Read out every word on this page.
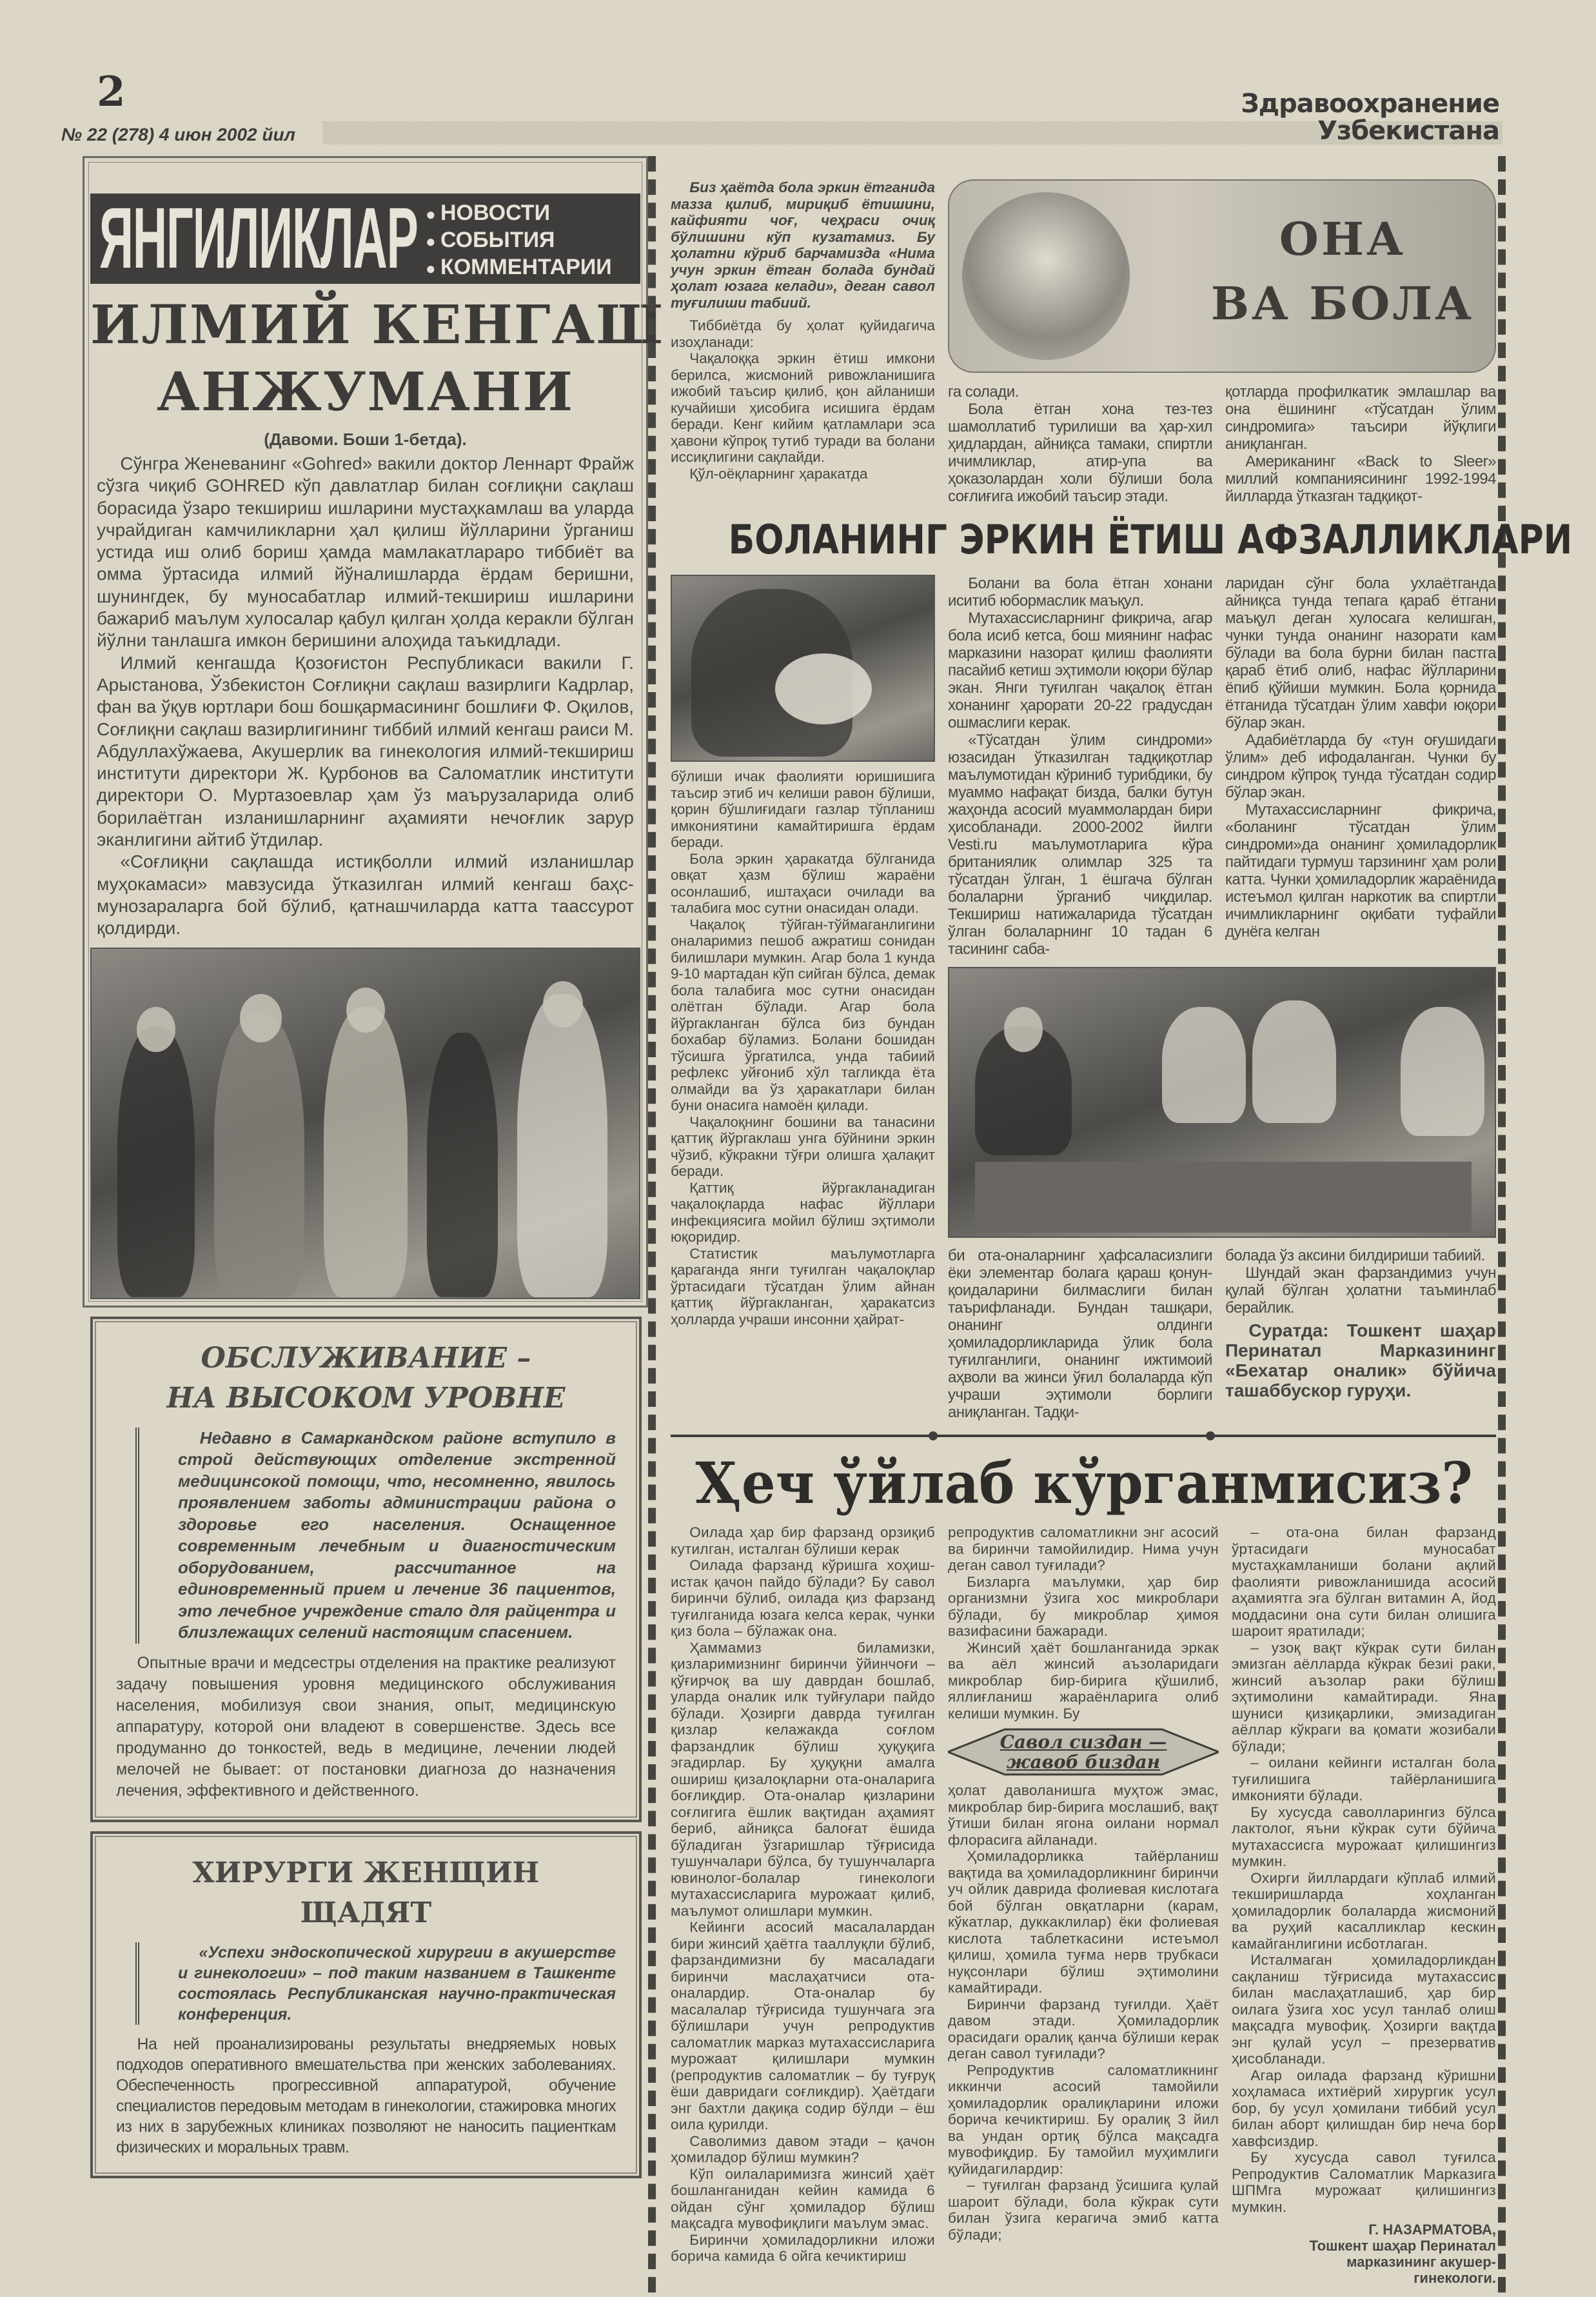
2
№ 22 (278) 4 июн 2002 йил
Здравоохранение
Узбекистана
ЯНГИЛИКЛАР	● НОВОСТИ
● СОБЫТИЯ
● КОММЕНТАРИИ
ИЛМИЙ КЕНГАШ
АНЖУМАНИ
(Давоми. Боши 1-бетда).

Сўнгра Женеванинг «Gohred» вакили доктор Леннарт Фрайж сўзга чиқиб GOHRED кўп давлатлар билан соғлиқни сақлаш борасида ўзаро текшириш ишларини мустаҳкамлаш ва уларда учрайдиган камчиликларни ҳал қилиш йўлларини ўрганиш устида иш олиб бориш ҳамда мамлакатлараро тиббиёт ва омма ўртасида илмий йўналишларда ёрдам беришни, шунингдек, бу муносабатлар илмий-текшириш ишларини бажариб маълум хулосалар қабул қилган ҳолда керакли бўлган йўлни танлашга имкон беришини алоҳида таъкидлади.

Илмий кенгашда Қозоғистон Республикаси вакили Г. Арыстанова, Ўзбекистон Соғлиқни сақлаш вазирлиги Кадрлар, фан ва ўқув юртлари бош бошқармасининг бошлиғи Ф. Оқилов, Соғлиқни сақлаш вазирлигининг тиббий илмий кенгаш раиси М. Абдуллахўжаева, Акушерлик ва гинекология илмий-текшириш институти директори Ж. Қурбонов ва Саломатлик институти директори О. Муртазоевлар ҳам ўз маърузаларида олиб борилаётган изланишларнинг аҳамияти нечоғлик зарур эканлигини айтиб ўтдилар.

«Соғлиқни сақлашда истиқболли илмий изланишлар муҳокамаси» мавзусида ўтказилган илмий кенгаш баҳс-мунозараларга бой бўлиб, қатнашчиларда катта таассурот қолдирди.

ОБСЛУЖИВАНИЕ –
НА ВЫСОКОМ УРОВНЕ

Недавно в Самаркандском районе вступило в строй действующих отделение экстренной медицинсокой помощи, что, несомненно, явилось проявлением заботы администрации района о здоровье его населения. Оснащенное современным лечебным и диагностическим оборудованием, рассчитанное на единовременный прием и лечение 36 пациентов, это лечебное учреждение стало для райцентра и близлежащих селений настоящим спасением.

Опытные врачи и медсестры отделения на практике реализуют задачу повышения уровня медицинского обслуживания населения, мобилизуя свои знания, опыт, медицинскую аппаратуру, которой они владеют в совершенстве. Здесь все продуманно до тонкостей, ведь в медицине, лечении людей мелочей не бывает: от постановки диагноза до назначения лечения, эффективного и действенного.

ХИРУРГИ ЖЕНЩИН
ЩАДЯТ

«Успехи эндоскопической хирургии в акушерстве и гинекологии» – под таким названием в Ташкенте состоялась Республиканская научно-практическая конференция.

На ней проанализированы результаты внедряемых новых подходов оперативного вмешательства при женских заболеваниях. Обеспеченность прогрессивной аппаратурой, обучение специалистов передовым методам в гинекологии, стажировка многих из них в зарубежных клиниках позволяют не наносить пациенткам физических и моральных травм.

Биз ҳаётда бола эркин ётганида мазза қилиб, мириқиб ётишини, кайфияти чоғ, чеҳраси очиқ бўлишини кўп кузатамиз. Бу ҳолатни кўриб барчамизда «Нима учун эркин ётган болада бундай ҳолат юзага келади», деган савол туғилиши табиий.

Тиббиётда бу ҳолат қуйидагича изоҳланади:

Чақалоққа эркин ётиш имкони берилса, жисмоний ривожланишига ижобий таъсир қилиб, қон айланиши кучайиши ҳисобига исишига ёрдам беради. Кенг кийим қатламлари эса ҳавони кўпроқ тутиб туради ва болани иссиқлигини сақлайди.

Қўл-оёқларнинг ҳаракатда

ОНА
ВА БОЛА

га солади.

Бола ётган хона тез-тез шамоллатиб турилиши ва ҳар-хил ҳидлардан, айниқса тамаки, спиртли ичимликлар, атир-упа ва ҳоказолардан холи бўлиши бола соғлиғига ижобий таъсир этади.

қотларда профилкатик эмлашлар ва она ёшининг «тўсатдан ўлим синдромига» таъсири йўқлиги аниқланган.

Американинг «Back to Sleer» миллий компаниясининг 1992-1994 йилларда ўтказган тадқиқот-

БОЛАНИНГ ЭРКИН ЁТИШ АФЗАЛЛИКЛАРИ

бўлиши ичак фаолияти юришишига таъсир этиб ич келиши равон бўлиши, қорин бўшлиғидаги газлар тўпланиш имкониятини камайтиришга ёрдам беради.

Бола эркин ҳаракатда бўлганида овқат ҳазм бўлиш жараёни осонлашиб, иштаҳаси очилади ва талабига мос сутни онасидан олади.

Чақалоқ тўйган-тўймаганлигини оналаримиз пешоб ажратиш сонидан билишлари мумкин. Агар бола 1 кунда 9-10 мартадан кўп сийган бўлса, демак бола талабига мос сутни онасидан олётган бўлади. Агар бола йўргакланган бўлса биз бундан бохабар бўламиз. Болани бошидан тўсишга ўргатилса, унда табиий рефлекс уйғониб хўл тагликда ёта олмайди ва ўз ҳаракатлари билан буни онасига намоён қилади.

Чақалоқнинг бошини ва танасини қаттиқ йўргаклаш унга бўйнини эркин чўзиб, кўкракни тўғри олишга ҳалақит беради.

Қаттиқ йўргакланадиган чақалоқларда нафас йўллари инфекциясига мойил бўлиш эҳтимоли юқоридир.

Статистик маълумотларга қараганда янги туғилган чақалоқлар ўртасидаги тўсатдан ўлим айнан қаттиқ йўргакланган, ҳаракатсиз ҳолларда учраши инсонни ҳайрат-

Болани ва бола ётган хонани иситиб юбормаслик маъқул.

Мутахассисларнинг фикрича, агар бола исиб кетса, бош миянинг нафас марказини назорат қилиш фаолияти пасайиб кетиш эҳтимоли юқори бўлар экан. Янги туғилган чақалоқ ётган хонанинг ҳарорати 20-22 градусдан ошмаслиги керак.

«Тўсатдан ўлим синдроми» юзасидан ўтказилган тадқиқотлар маълумотидан кўриниб турибдики, бу муаммо нафақат бизда, балки бутун жаҳонда асосий муаммолардан бири ҳисобланади. 2000-2002 йилги Vesti.ru маълумотларига кўра британиялик олимлар 325 та тўсатдан ўлган, 1 ёшгача бўлган болаларни ўрганиб чиқдилар. Текшириш натижаларида тўсатдан ўлган болаларнинг 10 тадан 6 тасининг саба-

ларидан сўнг бола ухлаётганда айниқса тунда тепага қараб ётгани маъқул деган хулосага келишган, чунки тунда онанинг назорати кам бўлади ва бола бурни билан пастга қараб ётиб олиб, нафас йўлларини ёпиб қўйиши мумкин. Бола қорнида ётганида тўсатдан ўлим хавфи юқори бўлар экан.

Адабиётларда бу «тун оғушидаги ўлим» деб ифодаланган. Чунки бу синдром кўпроқ тунда тўсатдан содир бўлар экан.

Мутахассисларнинг фикрича, «боланинг тўсатдан ўлим синдроми»да онанинг ҳомиладорлик пайтидаги турмуш тарзининг ҳам роли катта. Чунки ҳомиладорлик жараёнида истеъмол қилган наркотик ва спиртли ичимликларнинг оқибати туфайли дунёга келган

би ота-оналарнинг ҳафсаласизлиги ёки элементар болага қараш қонун-қоидаларини билмаслиги билан таърифланади. Бундан ташқари, онанинг олдинги ҳомиладорликларида ўлик бола туғилганлиги, онанинг ижтимоий аҳволи ва жинси ўғил болаларда кўп учраши эҳтимоли борлиги аниқланган. Тадқи-

болада ўз аксини билдириши табиий.

Шундай экан фарзандимиз учун қулай бўлган ҳолатни таъминлаб берайлик.

Суратда: Тошкент шаҳар Перинатал Марказининг «Бехатар оналик» бўйича ташаббускор гуруҳи.
Ҳеч ўйлаб кўрганмисиз?

Оилада ҳар бир фарзанд орзиқиб кутилган, исталган бўлиши керак

Оилада фарзанд кўришга хоҳиш-истак қачон пайдо бўлади? Бу савол биринчи бўлиб, оилада қиз фарзанд туғилганида юзага келса керак, чунки қиз бола – бўлажак она.

Ҳаммамиз биламизки, қизларимизнинг биринчи ўйинчоғи – қўғирчоқ ва шу даврдан бошлаб, уларда оналик илк туйғулари пайдо бўлади. Ҳозирги даврда туғилган қизлар келажакда соғлом фарзандлик бўлиш ҳуқуқига эгадирлар. Бу ҳуқуқни амалга ошириш қизалоқларни ота-оналарига боғлиқдир. Ота-оналар қизларини соғлигига ёшлик вақтидан аҳамият бериб, айниқса балоғат ёшида бўладиган ўзгаришлар тўғрисида тушунчалари бўлса, бу тушунчаларга ювинолог-болалар гинекологи мутахассисларига мурожаат қилиб, маълумот олишлари мумкин.

Кейинги асосий масалалардан бири жинсий ҳаётга тааллуқли бўлиб, фарзандимизни бу масаладаги биринчи маслаҳатчиси ота-оналардир. Ота-оналар бу масалалар тўғрисида тушунчага эга бўлишлари учун репродуктив саломатлик марказ мутахассисларига мурожаат қилишлари мумкин (репродуктив саломатлик – бу туғруқ ёши давридаги соғликдир). Ҳаётдаги энг бахтли дақиқа содир бўлди – ёш оила қурилди.

Саволимиз давом этади – қачон ҳомиладор бўлиш мумкин?

Кўп оилаларимизга жинсий ҳаёт бошланганидан кейин камида 6 ойдан сўнг ҳомиладор бўлиш мақсадга мувофиқлиги маълум эмас.

Биринчи ҳомиладорликни иложи борича камида 6 ойга кечиктириш

репродуктив саломатликни энг асосий ва биринчи тамойилидир. Нима учун деган савол туғилади?

Бизларга маълумки, ҳар бир организмни ўзига хос микроблари бўлади, бу микроблар ҳимоя вазифасини бажаради.

Жинсий ҳаёт бошланганида эркак ва аёл жинсий аъзоларидаги микроблар бир-бирига қўшилиб, яллиғланиш жараёнларига олиб келиши мумкин. Бу

Савол сиздан —
жавоб биздан

ҳолат даволанишга муҳтож эмас, микроблар бир-бирига мослашиб, вақт ўтиши билан ягона оилани нормал флорасига айланади.

Ҳомиладорликка тайёрланиш вақтида ва ҳомиладорликнинг биринчи уч ойлик даврида фолиевая кислотага бой бўлган овқатларни (карам, кўкатлар, дуккаклилар) ёки фолиевая кислота таблеткасини истеъмол қилиш, ҳомила туғма нерв трубкаси нуқсонлари бўлиш эҳтимолини камайтиради.

Биринчи фарзанд туғилди. Ҳаёт давом этади. Ҳомиладорлик орасидаги оралиқ қанча бўлиши керак деган савол туғилади?

Репродуктив саломатликнинг иккинчи асосий тамойили ҳомиладорлик оралиқларини иложи борича кечиктириш. Бу оралиқ 3 йил ва ундан ортиқ бўлса мақсадга мувофиқдир. Бу тамойил муҳимлиги қуйидагилардир:

– туғилган фарзанд ўсишига қулай шароит бўлади, бола кўкрак сути билан ўзига керагича эмиб катта бўлади;

– ота-она билан фарзанд ўртасидаги муносабат мустаҳкамланиши болани ақлий фаолияти ривожланишида асосий аҳамиятга эга бўлган витамин А, йод моддасини она сути билан олишига шароит яратилади;

– узоқ вақт кўкрак сути билан эмизган аёлларда кўкрак безиі раки, жинсий аъзолар раки бўлиш эҳтимолини камайтиради. Яна шуниси қизиқарлики, эмизадиган аёллар кўкраги ва қомати жозибали бўлади;

– оилани кейинги исталган бола туғилишига тайёрланишига имконияти бўлади.

Бу хусусда саволларингиз бўлса лактолог, яъни кўкрак сути бўйича мутахассисга мурожаат қилишингиз мумкин.

Охирги йиллардаги кўплаб илмий текширишларда хоҳланган ҳомиладорлик болаларда жисмоний ва руҳий касалликлар кескин камайганлигини исботлаган.

Исталмаган ҳомиладорликдан сақланиш тўғрисида мутахассис билан маслаҳатлашиб, ҳар бир оилага ўзига хос усул танлаб олиш мақсадга мувофиқ. Ҳозирги вақтда энг қулай усул – презерватив ҳисобланади.

Агар оилада фарзанд кўришни хоҳламаса ихтиёрий хирургик усул бор, бу усул ҳомилани тиббий усул билан аборт қилишдан бир неча бор хавфсиздир.

Бу хусусда савол туғилса Репродуктив Саломатлик Марказига ШПМга мурожаат қилишингиз мумкин.

Г. НАЗАРМАТОВА,
Тошкент шаҳар Перинатал марказининг акушер-гинекологи.
